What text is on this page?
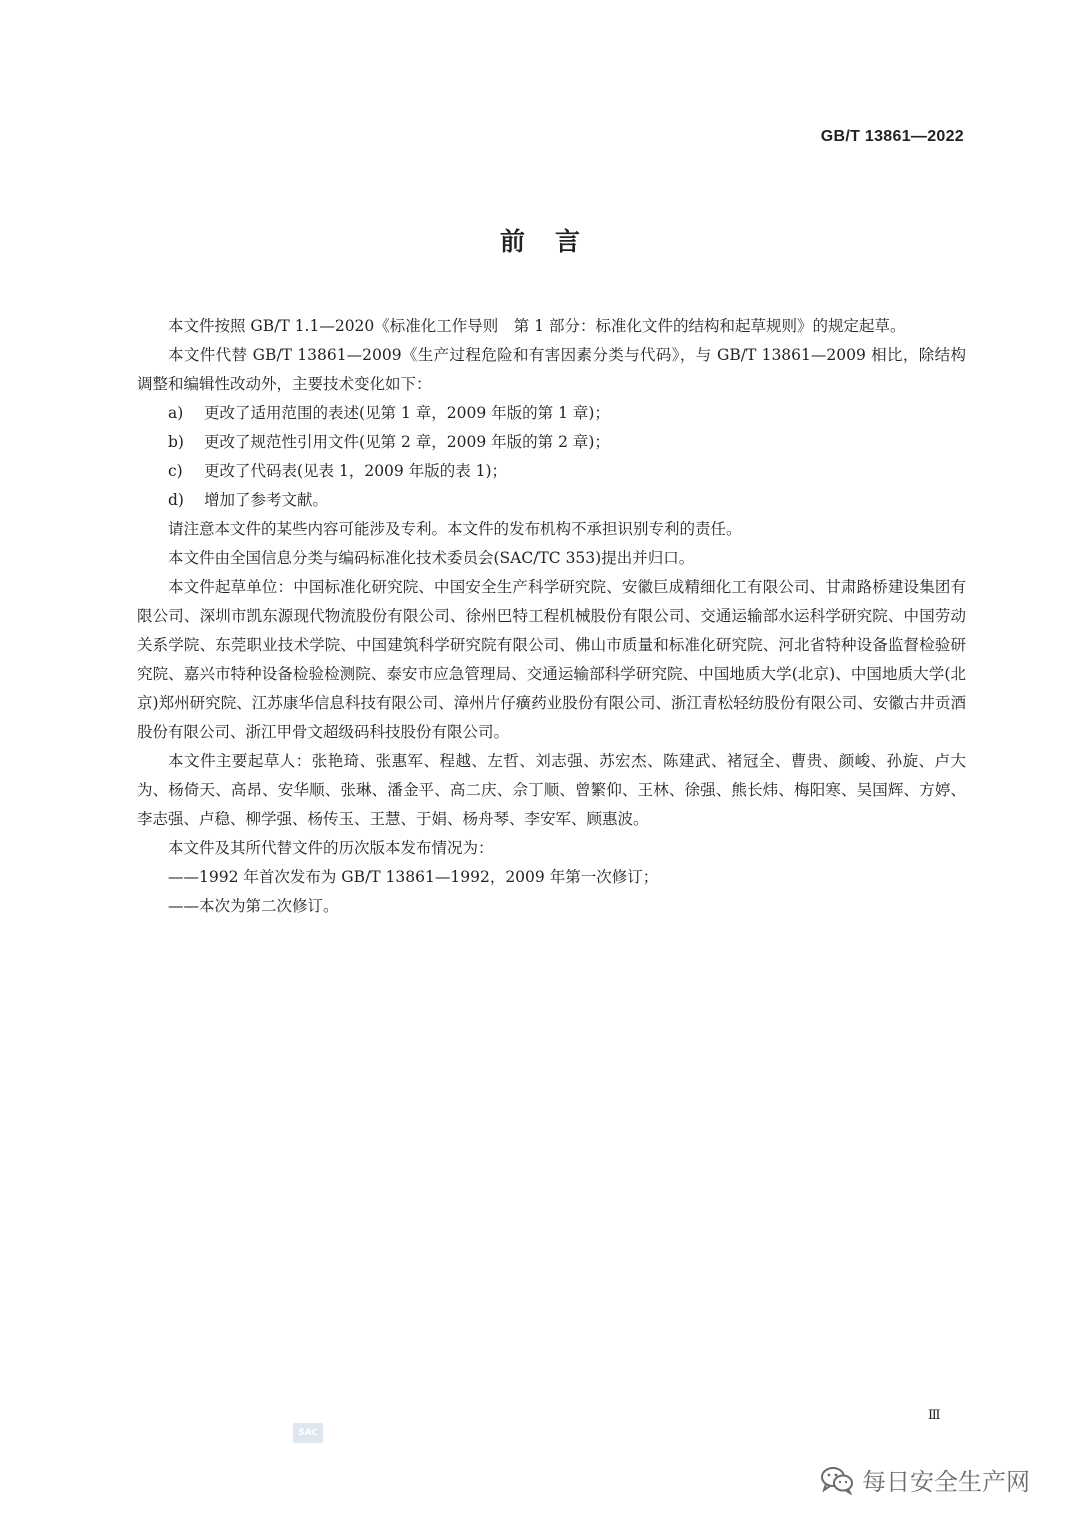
GB/T 13861—2022
前言

本文件按照 GB/T 1.1—2020《标准化工作导则　第 1 部分：标准化文件的结构和起草规则》的规定起草。

本文件代替 GB/T 13861—2009《生产过程危险和有害因素分类与代码》，与 GB/T 13861—2009 相比，除结构调整和编辑性改动外，主要技术变化如下：

a) 更改了适用范围的表述(见第 1 章，2009 年版的第 1 章)；

b) 更改了规范性引用文件(见第 2 章，2009 年版的第 2 章)；

c) 更改了代码表(见表 1，2009 年版的表 1)；

d) 增加了参考文献。

请注意本文件的某些内容可能涉及专利。本文件的发布机构不承担识别专利的责任。

本文件由全国信息分类与编码标准化技术委员会(SAC/TC 353)提出并归口。

本文件起草单位：中国标准化研究院、中国安全生产科学研究院、安徽巨成精细化工有限公司、甘肃路桥建设集团有限公司、深圳市凯东源现代物流股份有限公司、徐州巴特工程机械股份有限公司、交通运输部水运科学研究院、中国劳动关系学院、东莞职业技术学院、中国建筑科学研究院有限公司、佛山市质量和标准化研究院、河北省特种设备监督检验研究院、嘉兴市特种设备检验检测院、泰安市应急管理局、交通运输部科学研究院、中国地质大学(北京)、中国地质大学(北京)郑州研究院、江苏康华信息科技有限公司、漳州片仔癀药业股份有限公司、浙江青松轻纺股份有限公司、安徽古井贡酒股份有限公司、浙江甲骨文超级码科技股份有限公司。

本文件主要起草人：张艳琦、张惠军、程越、左哲、刘志强、苏宏杰、陈建武、褚冠全、曹贵、颜峻、孙旋、卢大为、杨倚天、高昂、安华顺、张琳、潘金平、高二庆、佘丁顺、曾繁仰、王林、徐强、熊长炜、梅阳寒、吴国辉、方婷、李志强、卢稳、柳学强、杨传玉、王慧、于娟、杨舟琴、李安军、顾惠波。

本文件及其所代替文件的历次版本发布情况为：

——1992 年首次发布为 GB/T 13861—1992，2009 年第一次修订；

——本次为第二次修订。

SAC
Ⅲ
每日安全生产网
